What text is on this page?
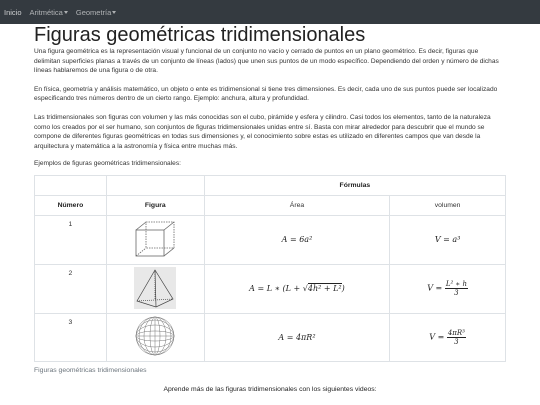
Inicio Aritmética Geometría
Figuras geométricas tridimensionales

Una figura geométrica es la representación visual y funcional de un conjunto no vacío y cerrado de puntos en un plano geométrico. Es decir, figuras que delimitan superficies planas a través de un conjunto de líneas (lados) que unen sus puntos de un modo específico. Dependiendo del orden y número de dichas líneas hablaremos de una figura o de otra.

En física, geometría y análisis matemático, un objeto o ente es tridimensional si tiene tres dimensiones. Es decir, cada uno de sus puntos puede ser localizado especificando tres números dentro de un cierto rango. Ejemplo: anchura, altura y profundidad.

Las tridimensionales son figuras con volumen y las más conocidas son el cubo, pirámide y esfera y cilindro. Casi todos los elementos, tanto de la naturaleza como los creados por el ser humano, son conjuntos de figuras tridimensionales unidas entre sí. Basta con mirar alrededor para descubrir que el mundo se compone de diferentes figuras geométricas en todas sus dimensiones y, el conocimiento sobre estas es utilizado en diferentes campos que van desde la arquitectura y matemática a la astronomía y física entre muchas más.

Ejemplos de figuras geométricas tridimensionales:

		Fórmulas	
Número	Figura	Área	volumen
1		A = 6a²	V = a³
2		A = L ∗ (L + √4h² + L²)	$V = \frac{\text{L² ∗ h}}{3}$

3		A = 4πR²	$V = \frac{\text{4πR³}}{3}$
Figuras geométricas tridimensionales
Aprende más de las figuras tridimensionales con los siguientes videos:
